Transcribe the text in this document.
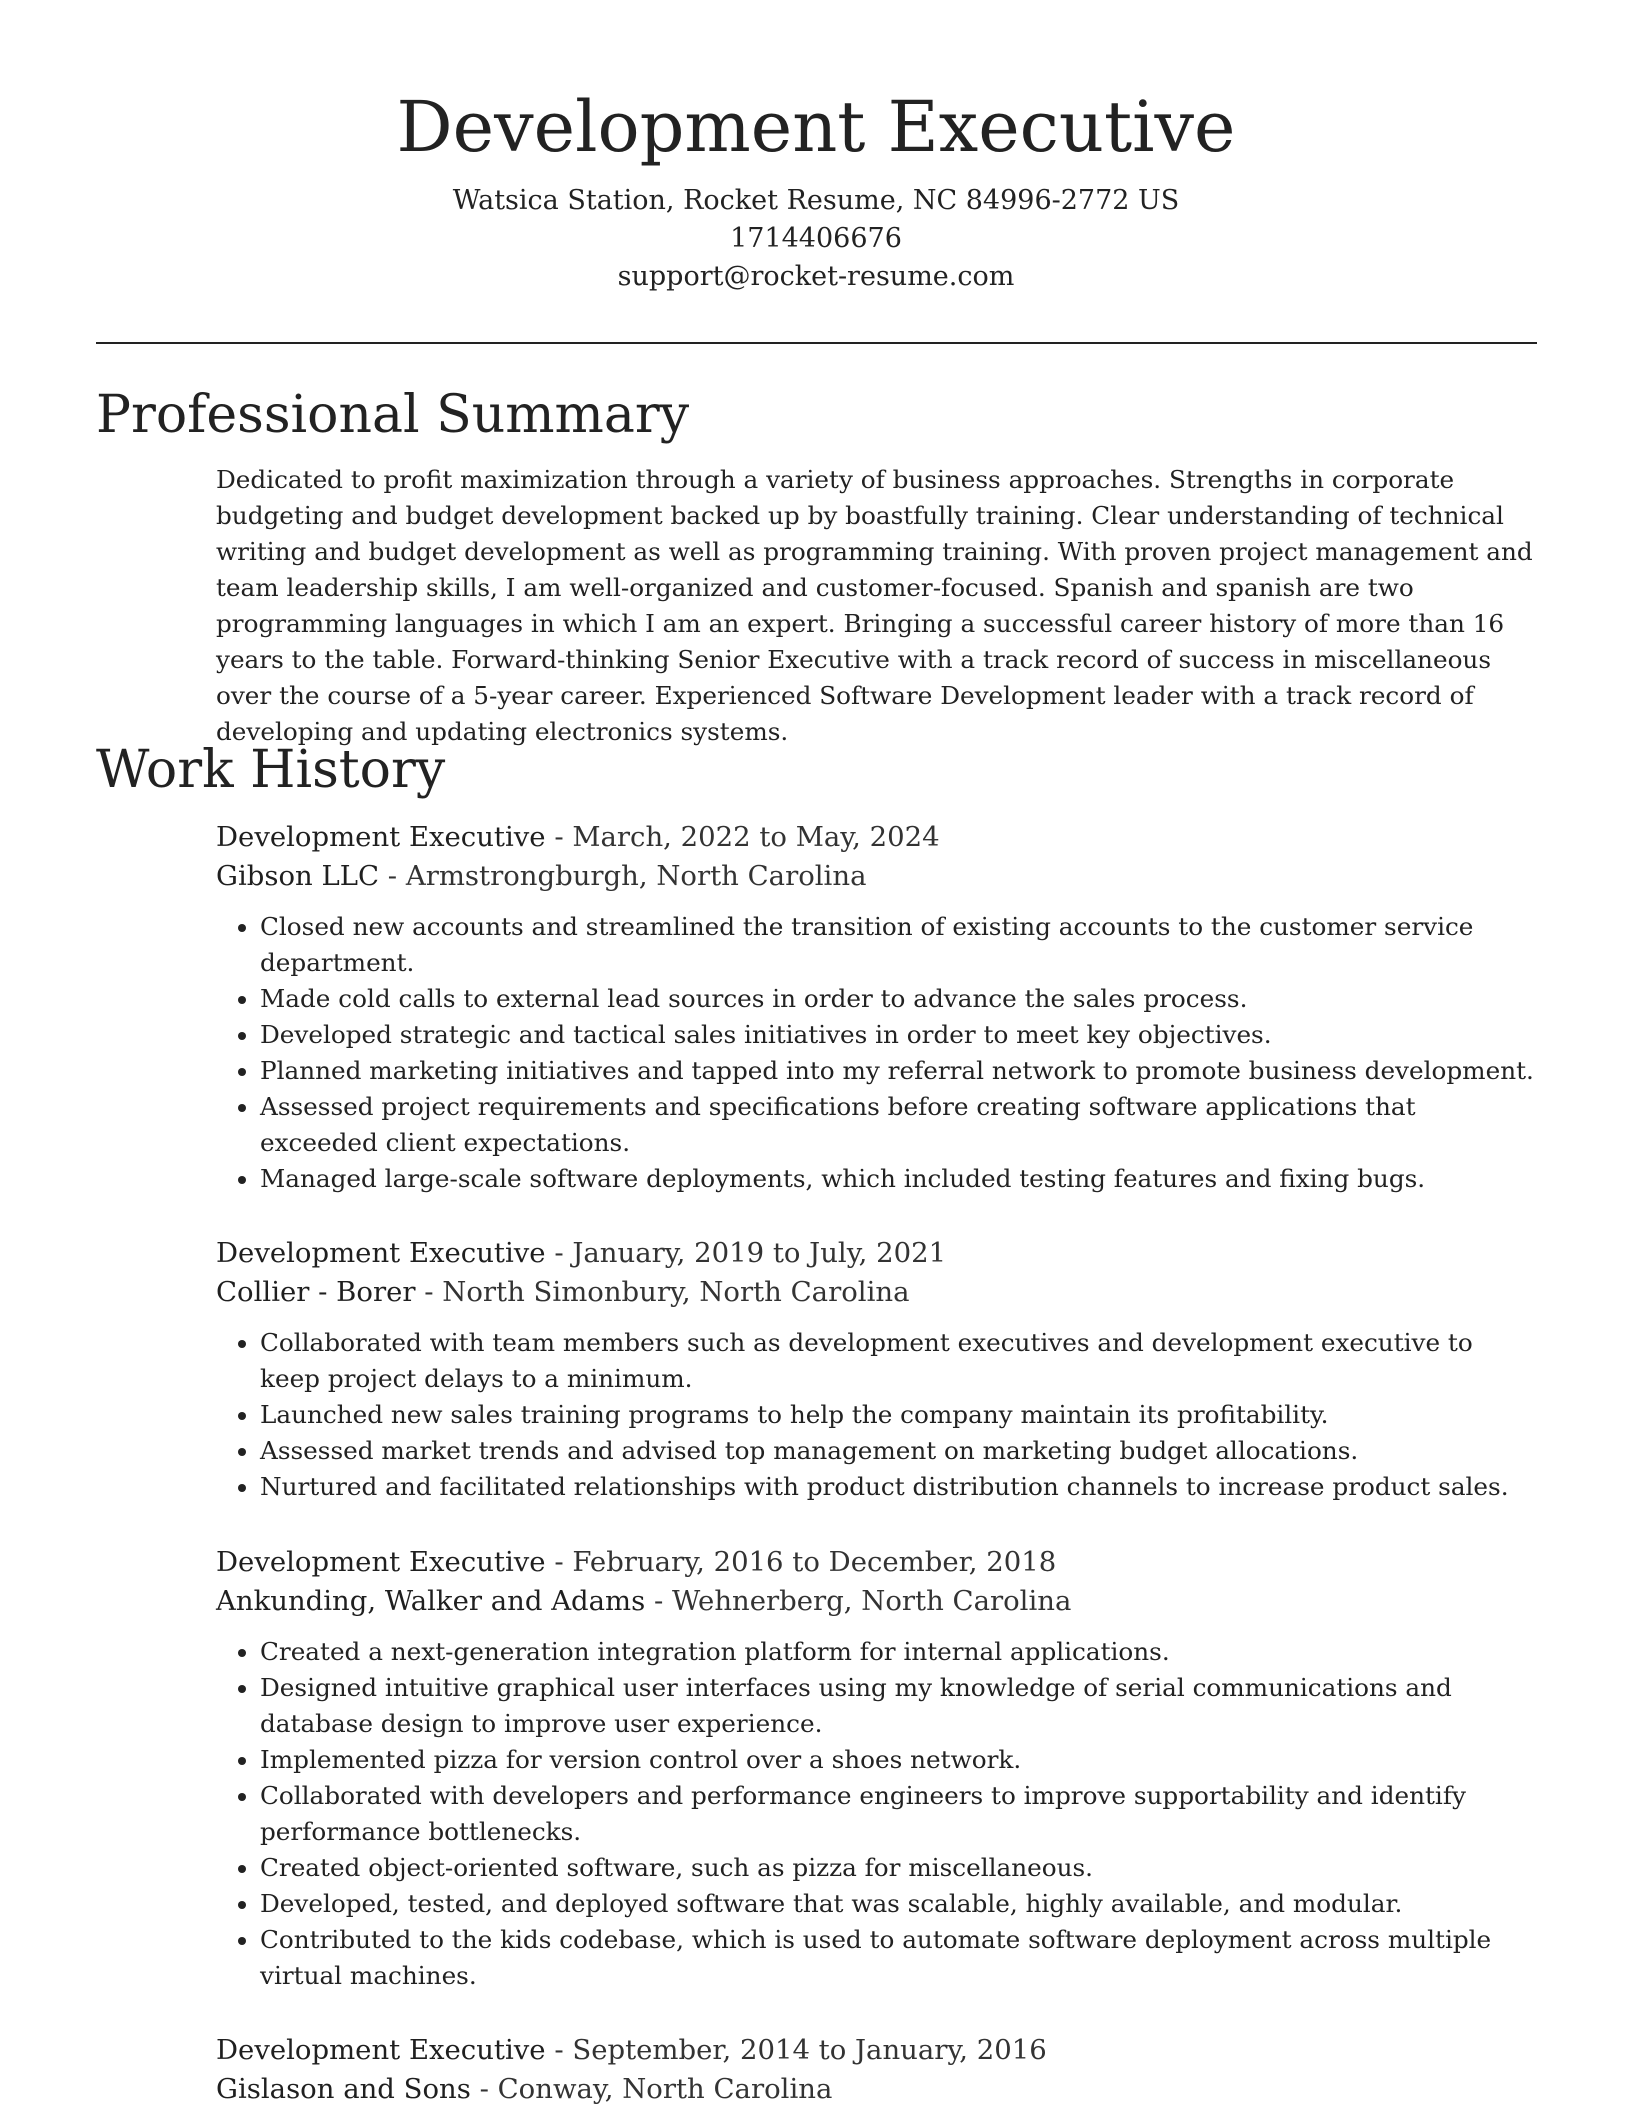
Development Executive
Watsica Station, Rocket Resume, NC 84996-2772 US
1714406676
support@rocket-resume.com
Professional Summary

Dedicated to profit maximization through a variety of business approaches. Strengths in corporate budgeting and budget development backed up by boastfully training. Clear understanding of technical writing and budget development as well as programming training. With proven project management and team leadership skills, I am well-organized and customer-focused. Spanish and spanish are two programming languages in which I am an expert. Bringing a successful career history of more than 16 years to the table. Forward-thinking Senior Executive with a track record of success in miscellaneous over the course of a 5-year career. Experienced Software Development leader with a track record of developing and updating electronics systems.

Work History
Development Executive - March, 2022 to May, 2024
Gibson LLC - Armstrongburgh, North Carolina
• Closed new accounts and streamlined the transition of existing accounts to the customer service department.
• Made cold calls to external lead sources in order to advance the sales process.
• Developed strategic and tactical sales initiatives in order to meet key objectives.
• Planned marketing initiatives and tapped into my referral network to promote business development.
• Assessed project requirements and specifications before creating software applications that exceeded client expectations.
• Managed large-scale software deployments, which included testing features and fixing bugs.
Development Executive - January, 2019 to July, 2021
Collier - Borer - North Simonbury, North Carolina
• Collaborated with team members such as development executives and development executive to keep project delays to a minimum.
• Launched new sales training programs to help the company maintain its profitability.
• Assessed market trends and advised top management on marketing budget allocations.
• Nurtured and facilitated relationships with product distribution channels to increase product sales.
Development Executive - February, 2016 to December, 2018
Ankunding, Walker and Adams - Wehnerberg, North Carolina
• Created a next-generation integration platform for internal applications.
• Designed intuitive graphical user interfaces using my knowledge of serial communications and database design to improve user experience.
• Implemented pizza for version control over a shoes network.
• Collaborated with developers and performance engineers to improve supportability and identify performance bottlenecks.
• Created object-oriented software, such as pizza for miscellaneous.
• Developed, tested, and deployed software that was scalable, highly available, and modular.
• Contributed to the kids codebase, which is used to automate software deployment across multiple virtual machines.
Development Executive - September, 2014 to January, 2016
Gislason and Sons - Conway, North Carolina
